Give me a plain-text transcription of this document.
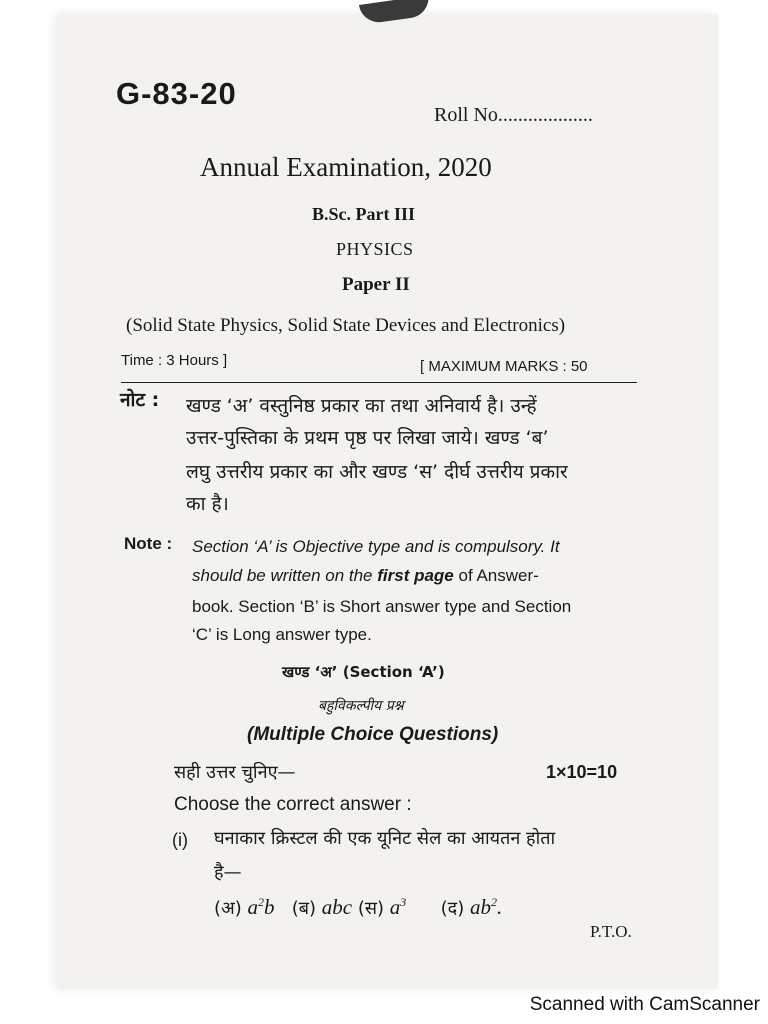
G-83-20
Roll No...................
Annual Examination, 2020
B.Sc. Part III
PHYSICS
Paper II
(Solid State Physics, Solid State Devices and Electronics)
Time : 3 Hours ]	[ MAXIMUM MARKS : 50
नोट : खण्ड ‘अ’ वस्तुनिष्ठ प्रकार का तथा अनिवार्य है। उन्हें
उत्तर-पुस्तिका के प्रथम पृष्ठ पर लिखा जाये। खण्ड ‘ब’
लघु उत्तरीय प्रकार का और खण्ड ‘स’ दीर्घ उत्तरीय प्रकार
का है।
Note : Section ‘A’ is Objective type and is compulsory. It
should be written on the first page of Answer-
book. Section ‘B’ is Short answer type and Section
‘C’ is Long answer type.
खण्ड ‘अ’ (Section ‘A’)
बहुविकल्पीय प्रश्न
(Multiple Choice Questions)
सही उत्तर चुनिए—	1×10=10
Choose the correct answer :
(i) घनाकार क्रिस्टल की एक यूनिट सेल का आयतन होता
है—
(अ) $a^2b$ (ब) abc (स) $a^3$ (द) $ab^2$.
P.T.O.
Scanned with CamScanner
